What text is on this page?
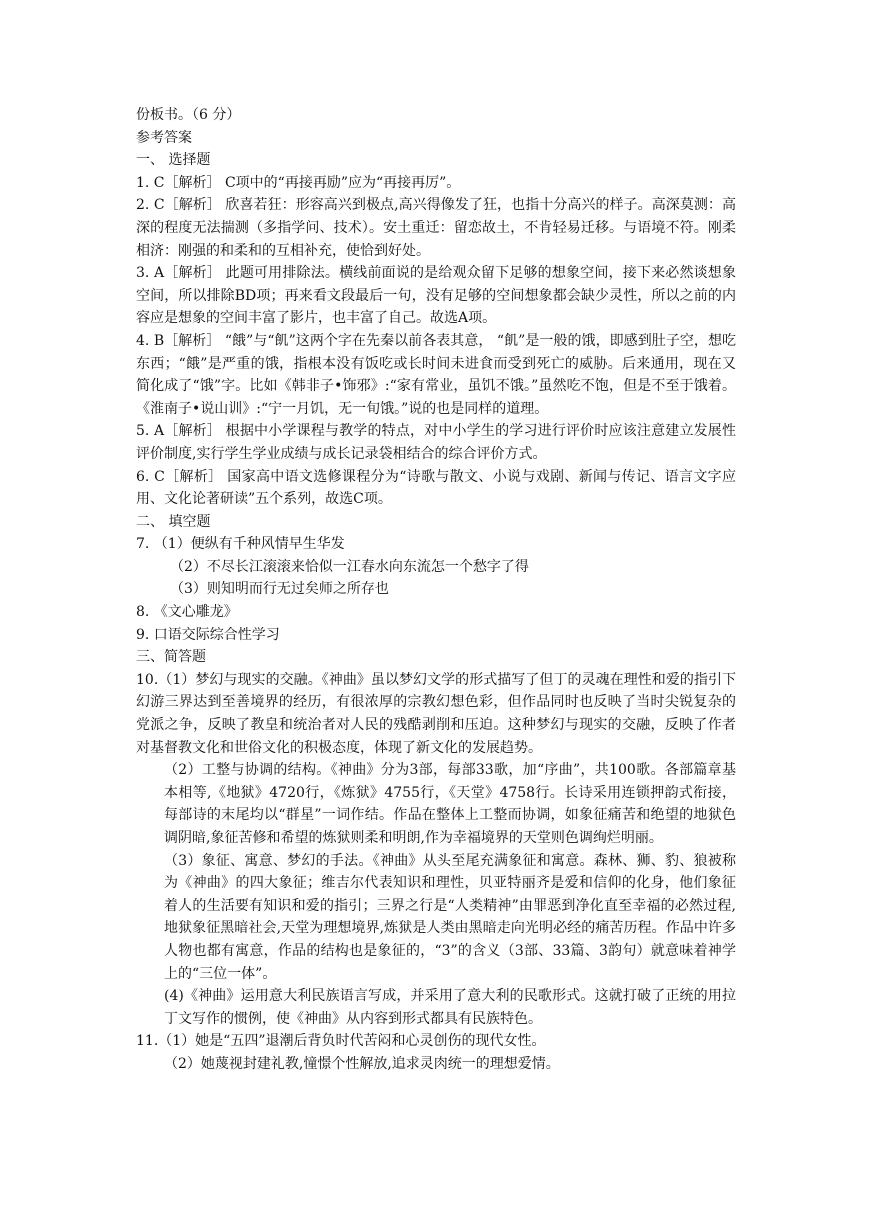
份板书。（6 分）

参考答案

一、 选择题

1. C［解析］ C项中的“再接再励”应为“再接再厉”。

2. C［解析］ 欣喜若狂：形容高兴到极点,高兴得像发了狂，也指十分高兴的样子。高深莫测：高深的程度无法揣测（多指学问、技术）。安土重迁：留恋故土，不肯轻易迁移。与语境不符。刚柔相济：刚强的和柔和的互相补充，使恰到好处。

3. A［解析］ 此题可用排除法。横线前面说的是给观众留下足够的想象空间，接下来必然谈想象空间，所以排除BD项；再来看文段最后一句，没有足够的空间想象都会缺少灵性，所以之前的内容应是想象的空间丰富了影片，也丰富了自己。故选A项。

4. B［解析］ “餓”与“飢”这两个字在先秦以前各表其意， “飢”是一般的饿，即感到肚子空，想吃东西；“餓”是严重的饿，指根本没有饭吃或长时间未进食而受到死亡的威胁。后来通用，现在又简化成了“饿”字。比如《韩非子•饰邪》:“家有常业，虽饥不饿。”虽然吃不饱，但是不至于饿着。《淮南子•说山训》:“宁一月饥，无一旬饿。”说的也是同样的道理。

5. A［解析］ 根据中小学课程与教学的特点，对中小学生的学习进行评价时应该注意建立发展性评价制度,实行学生学业成绩与成长记录袋相结合的综合评价方式。

6. C［解析］ 国家高中语文选修课程分为“诗歌与散文、小说与戏剧、新闻与传记、语言文字应用、文化论著研读”五个系列，故选C项。

二、 填空题

7. （1）便纵有千种风情早生华发

（2）不尽长江滚滚来恰似一江春水向东流怎一个愁字了得

（3）则知明而行无过矣师之所存也

8. 《文心雕龙》

9. 口语交际综合性学习

三、简答题

10.（1）梦幻与现实的交融。《神曲》虽以梦幻文学的形式描写了但丁的灵魂在理性和爱的指引下幻游三界达到至善境界的经历，有很浓厚的宗教幻想色彩，但作品同时也反映了当时尖锐复杂的党派之争，反映了教皇和统治者对人民的残酷剥削和压迫。这种梦幻与现实的交融，反映了作者对基督教文化和世俗文化的积极态度，体现了新文化的发展趋势。

（2）工整与协调的结构。《神曲》分为3部，每部33歌，加“序曲”，共100歌。各部篇章基本相等,《地狱》4720行，《炼狱》4755行，《天堂》4758行。长诗采用连锁押韵式衔接，每部诗的末尾均以“群星”一词作结。作品在整体上工整而协调，如象征痛苦和绝望的地狱色调阴暗,象征苦修和希望的炼狱则柔和明朗,作为幸福境界的天堂则色调绚烂明丽。

（3）象征、寓意、梦幻的手法。《神曲》从头至尾充满象征和寓意。森林、狮、豹、狼被称为《神曲》的四大象征；维吉尔代表知识和理性，贝亚特丽齐是爱和信仰的化身，他们象征着人的生活要有知识和爱的指引；三界之行是“人类精神”由罪恶到净化直至幸福的必然过程,地狱象征黑暗社会,天堂为理想境界,炼狱是人类由黑暗走向光明必经的痛苦历程。作品中许多人物也都有寓意，作品的结构也是象征的，“3”的含义（3部、33篇、3韵句）就意味着神学上的“三位一体”。

(4)《神曲》运用意大利民族语言写成，并采用了意大利的民歌形式。这就打破了正统的用拉丁文写作的惯例，使《神曲》从内容到形式都具有民族特色。

11.（1）她是“五四”退潮后背负时代苦闷和心灵创伤的现代女性。

（2）她蔑视封建礼教,憧憬个性解放,追求灵肉统一的理想爱情。
